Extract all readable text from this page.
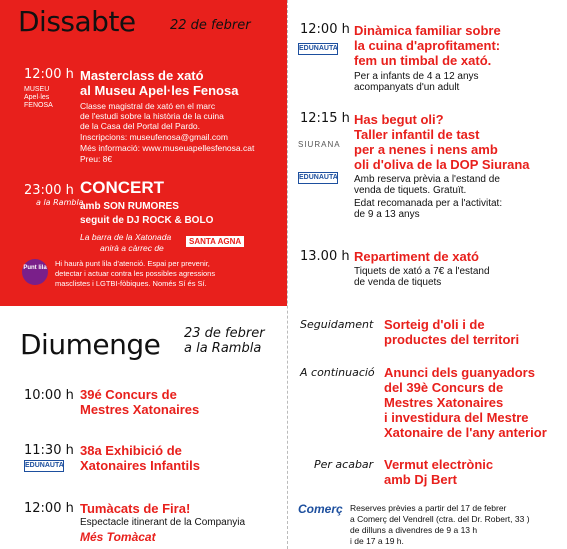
Dissabte	22 de febrer
12:00 h
MUSEU Apel·les FENOSA
Masterclass de xató
al Museu Apel·les Fenosa
Classe magistral de xató en el marc
de l'estudi sobre la història de la cuina
de la Casa del Portal del Pardo.
Inscripcions: museufenosa@gmail.com
Més informació: www.museuapellesfenosa.cat
Preu: 8€
23:00 h
a la Rambla
CONCERT
amb SON RUMORES
seguit de DJ ROCK & BOLO
La barra de la Xatonada
anirà a càrrec de
SANTA AGNA
Punt lila Hi haurà punt lila d'atenció. Espai per prevenir,
detectar i actuar contra les possibles agressions
masclistes i LGTBI-fòbiques. Només Sí és Sí.
Diumenge 23 de febrer
a la Rambla
10:00 h 39é Concurs de
Mestres Xatonaires
11:30 h
EDUNAUTA
38a Exhibició de
Xatonaires Infantils
12:00 h Tumàcats de Fira!
Espectacle itinerant de la Companyia
Més Tomàcat
12:00 h
EDUNAUTA
Dinàmica familiar sobre
la cuina d'aprofitament:
fem un timbal de xató.
Per a infants de 4 a 12 anys
acompanyats d'un adult
12:15 h
SIURANA
EDUNAUTA
Has begut oli?
Taller infantil de tast
per a nenes i nens amb
oli d'oliva de la DOP Siurana
Amb reserva prèvia a l'estand de
venda de tiquets. Gratuït.
Edat recomanada per a l'activitat:
de 9 a 13 anys
13.00 h Repartiment de xató
Tiquets de xató a 7€ a l'estand
de venda de tiquets
Seguidament Sorteig d'oli i de
productes del territori
A continuació Anunci dels guanyadors
del 39è Concurs de
Mestres Xatonaires
i investidura del Mestre
Xatonaire de l'any anterior
Per acabar Vermut electrònic
amb Dj Bert
Comerç Reserves prèvies a partir del 17 de febrer
a Comerç del Vendrell (ctra. del Dr. Robert, 33 )
de dilluns a divendres de 9 a 13 h
i de 17 a 19 h.
